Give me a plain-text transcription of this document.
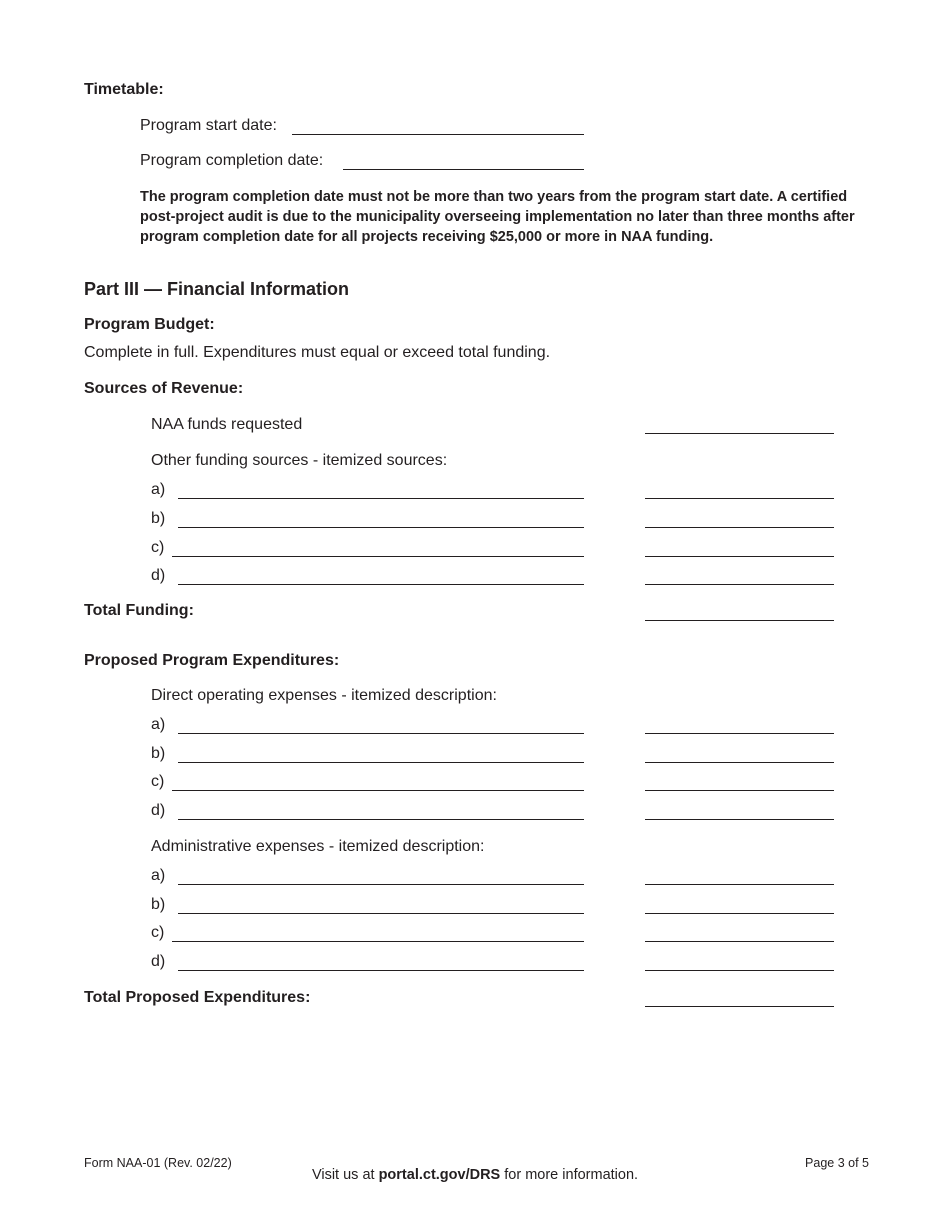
Timetable:
Program start date:
Program completion date:
The program completion date must not be more than two years from the program start date. A certified post-project audit is due to the municipality overseeing implementation no later than three months after program completion date for all projects receiving $25,000 or more in NAA funding.
Part III — Financial Information
Program Budget:
Complete in full. Expenditures must equal or exceed total funding.
Sources of Revenue:
NAA funds requested
Other funding sources - itemized sources:
a)
b)
c)
d)
Total Funding:
Proposed Program Expenditures:
Direct operating expenses - itemized description:
a)
b)
c)
d)
Administrative expenses - itemized description:
a)
b)
c)
d)
Total Proposed Expenditures:
Form NAA-01 (Rev. 02/22)
Visit us at portal.ct.gov/DRS for more information.
Page 3 of 5
